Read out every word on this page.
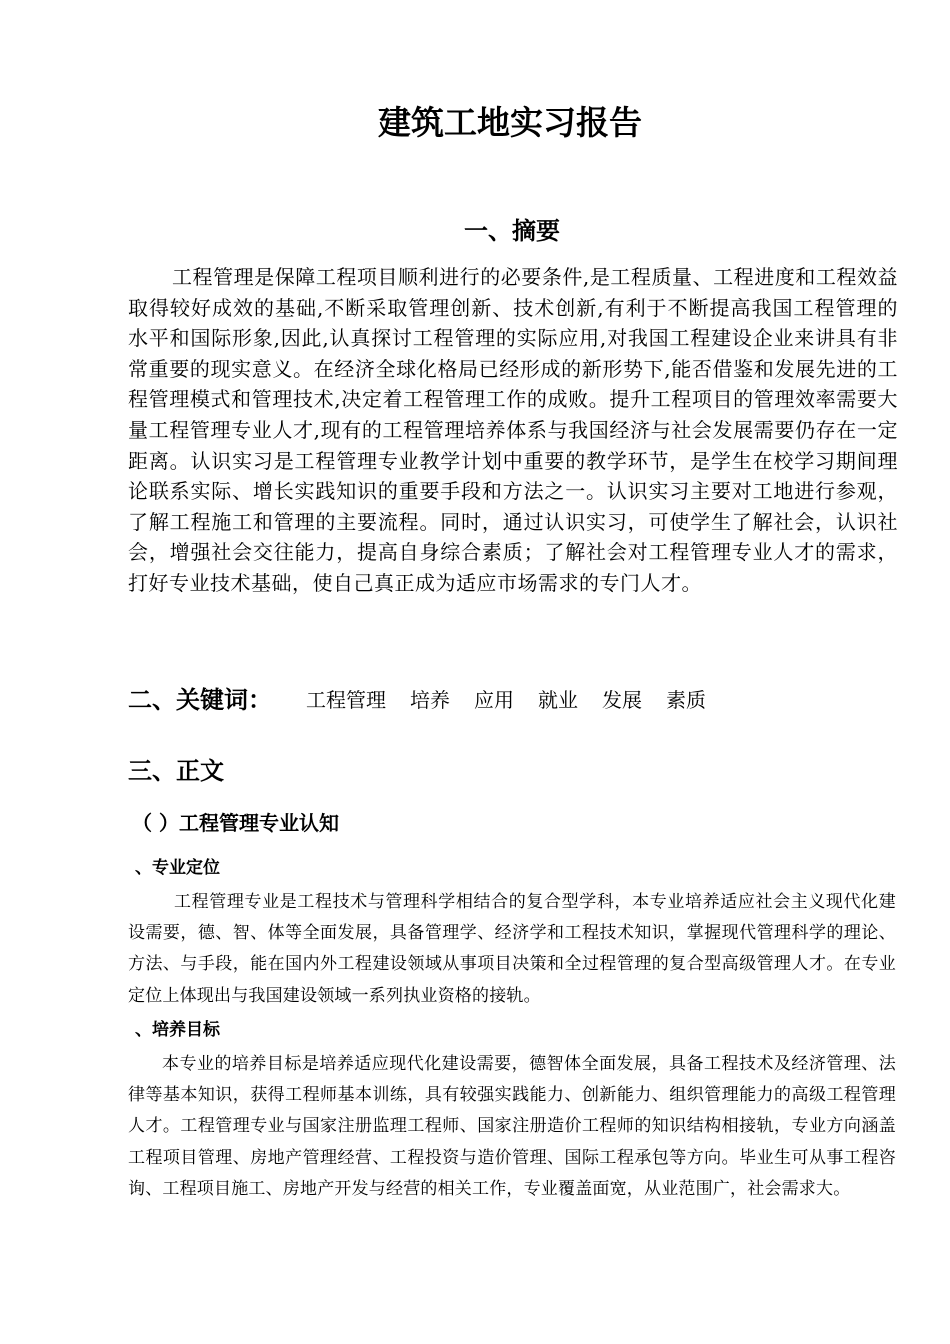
建筑工地实习报告
一、摘要

工程管理是保障工程项目顺利进行的必要条件,是工程质量、工程进度和工程效益取得较好成效的基础,不断采取管理创新、技术创新,有利于不断提高我国工程管理的水平和国际形象,因此,认真探讨工程管理的实际应用,对我国工程建设企业来讲具有非常重要的现实意义。在经济全球化格局已经形成的新形势下,能否借鉴和发展先进的工程管理模式和管理技术,决定着工程管理工作的成败。提升工程项目的管理效率需要大量工程管理专业人才,现有的工程管理培养体系与我国经济与社会发展需要仍存在一定距离。认识实习是工程管理专业教学计划中重要的教学环节，是学生在校学习期间理论联系实际、增长实践知识的重要手段和方法之一。认识实习主要对工地进行参观，了解工程施工和管理的主要流程。同时，通过认识实习，可使学生了解社会，认识社会，增强社会交往能力，提高自身综合素质；了解社会对工程管理专业人才的需求，打好专业技术基础，使自己真正成为适应市场需求的专门人才。

二、关键词： 工程管理 培养 应用 就业 发展 素质
三、正文
（ ）工程管理专业认知
、专业定位

工程管理专业是工程技术与管理科学相结合的复合型学科，本专业培养适应社会主义现代化建设需要，德、智、体等全面发展，具备管理学、经济学和工程技术知识，掌握现代管理科学的理论、方法、与手段，能在国内外工程建设领域从事项目决策和全过程管理的复合型高级管理人才。在专业定位上体现出与我国建设领域一系列执业资格的接轨。

、培养目标

本专业的培养目标是培养适应现代化建设需要，德智体全面发展，具备工程技术及经济管理、法律等基本知识，获得工程师基本训练，具有较强实践能力、创新能力、组织管理能力的高级工程管理人才。工程管理专业与国家注册监理工程师、国家注册造价工程师的知识结构相接轨，专业方向涵盖工程项目管理、房地产管理经营、工程投资与造价管理、国际工程承包等方向。毕业生可从事工程咨询、工程项目施工、房地产开发与经营的相关工作，专业覆盖面宽，从业范围广，社会需求大。
